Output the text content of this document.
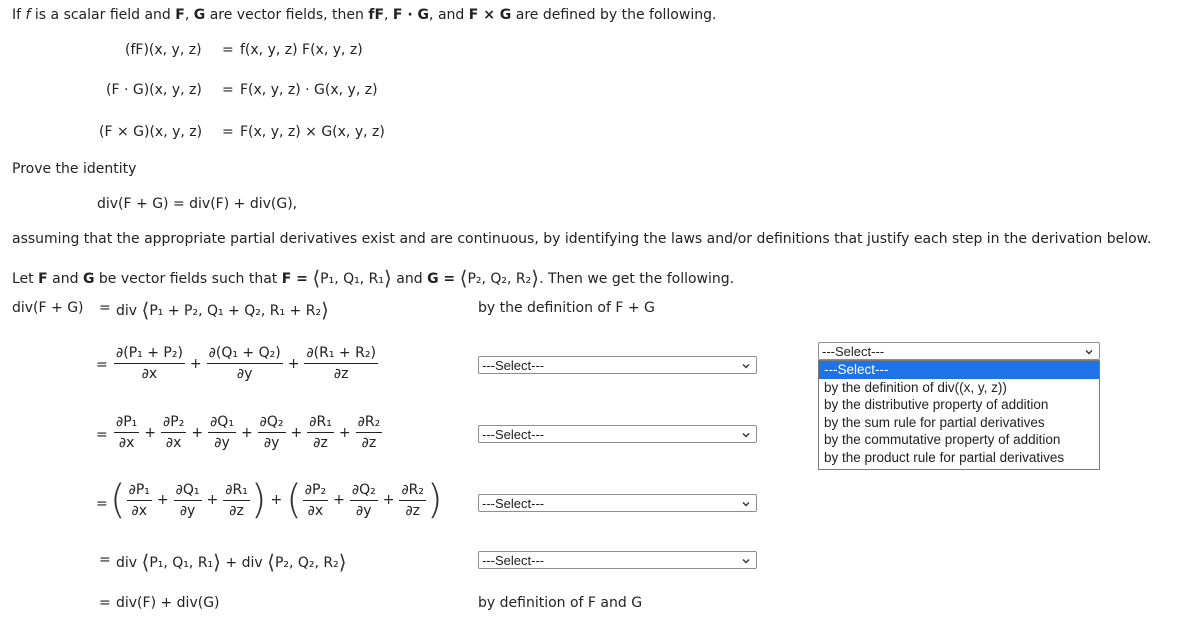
If f is a scalar field and F, G are vector fields, then fF, F · G, and F × G are defined by the following.
(fF)(x, y, z) = f(x, y, z) F(x, y, z)
(F · G)(x, y, z) = F(x, y, z) · G(x, y, z)
(F × G)(x, y, z) = F(x, y, z) × G(x, y, z)
Prove the identity
div(F + G) = div(F) + div(G),
assuming that the appropriate partial derivatives exist and are continuous, by identifying the laws and/or definitions that justify each step in the derivation below.
Let F and G be vector fields such that F = ⟨P₁, Q₁, R₁⟩ and G = ⟨P₂, Q₂, R₂⟩. Then we get the following.
div(F + G) = div ⟨P₁ + P₂, Q₁ + Q₂, R₁ + R₂⟩	by the definition of F + G
= $\frac{\text{∂(P₁ + P₂)}}{\partial x} + \frac{\text{∂(Q₁ + Q₂)}}{\partial y} + \frac{\text{∂(R₁ + R₂)}}{\partial z}$	---Select---
= $\frac{\text{∂P₁}}{\partial x} + \frac{\text{∂P₂}}{\partial x} + \frac{\text{∂Q₁}}{\partial y} + \frac{\text{∂Q₂}}{\partial y} + \frac{\text{∂R₁}}{\partial z} + \frac{\text{∂R₂}}{\partial z}$	---Select---
= ( $\frac{\text{∂P₁}}{\partial x} + \frac{\text{∂Q₁}}{\partial y} + \frac{\text{∂R₁}}{\partial z}$ ) + ( $\frac{\text{∂P₂}}{\partial x} + \frac{\text{∂Q₂}}{\partial y} + \frac{\text{∂R₂}}{\partial z}$ )	---Select---
= div ⟨P₁, Q₁, R₁⟩ + div ⟨P₂, Q₂, R₂⟩	---Select---
= div(F) + div(G)	by definition of F and G
---Select---
---Select---
by the definition of div((x, y, z))
by the distributive property of addition
by the sum rule for partial derivatives
by the commutative property of addition
by the product rule for partial derivatives
